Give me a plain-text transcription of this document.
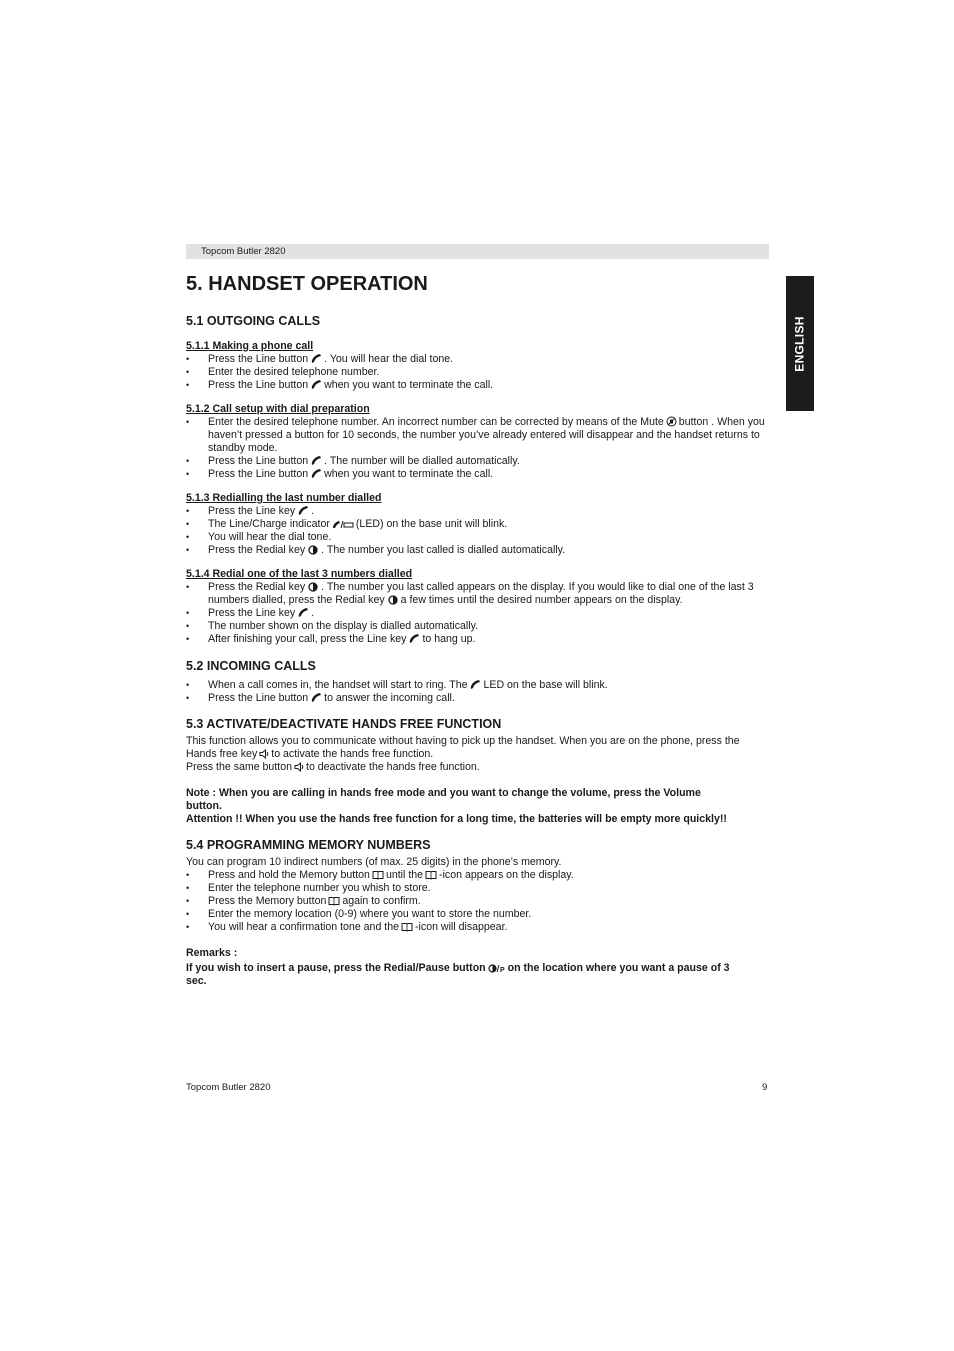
Topcom Butler 2820
ENGLISH
5. HANDSET OPERATION
5.1 OUTGOING CALLS
5.1.1 Making a phone call
• Press the Line button . You will hear the dial tone.
• Enter the desired telephone number.
• Press the Line button when you want to terminate the call.
5.1.2 Call setup with dial preparation
• Enter the desired telephone number. An incorrect number can be corrected by means of the Mute button . When you haven’t pressed a button for 10 seconds, the number you’ve already entered will disappear and the handset returns to standby mode.
• Press the Line button . The number will be dialled automatically.
• Press the Line button when you want to terminate the call.
5.1.3 Redialling the last number dialled
• Press the Line key .
• The Line/Charge indicator (LED) on the base unit will blink.
• You will hear the dial tone.
• Press the Redial key . The number you last called is dialled automatically.
5.1.4 Redial one of the last 3 numbers dialled
• Press the Redial key . The number you last called appears on the display. If you would like to dial one of the last 3 numbers dialled, press the Redial key a few times until the desired number appears on the display.
• Press the Line key .
• The number shown on the display is dialled automatically.
• After finishing your call, press the Line key to hang up.
5.2 INCOMING CALLS
• When a call comes in, the handset will start to ring. The LED on the base will blink.
• Press the Line button to answer the incoming call.
5.3 ACTIVATE/DEACTIVATE HANDS FREE FUNCTION

This function allows you to communicate without having to pick up the handset. When you are on the phone, press the Hands free key to activate the hands free function.

Press the same button to deactivate the hands free function.

Note : When you are calling in hands free mode and you want to change the volume, press the Volume button.

Attention !! When you use the hands free function for a long time, the batteries will be empty more quickly!!

5.4 PROGRAMMING MEMORY NUMBERS

You can program 10 indirect numbers (of max. 25 digits) in the phone’s memory.

• Press and hold the Memory button until the -icon appears on the display.
• Enter the telephone number you whish to store.
• Press the Memory button again to confirm.
• Enter the memory location (0-9) where you want to store the number.
• You will hear a confirmation tone and the -icon will disappear.

Remarks :

If you wish to insert a pause, press the Redial/Pause button P on the location where you want a pause of 3 sec.

Topcom Butler 2820	9
